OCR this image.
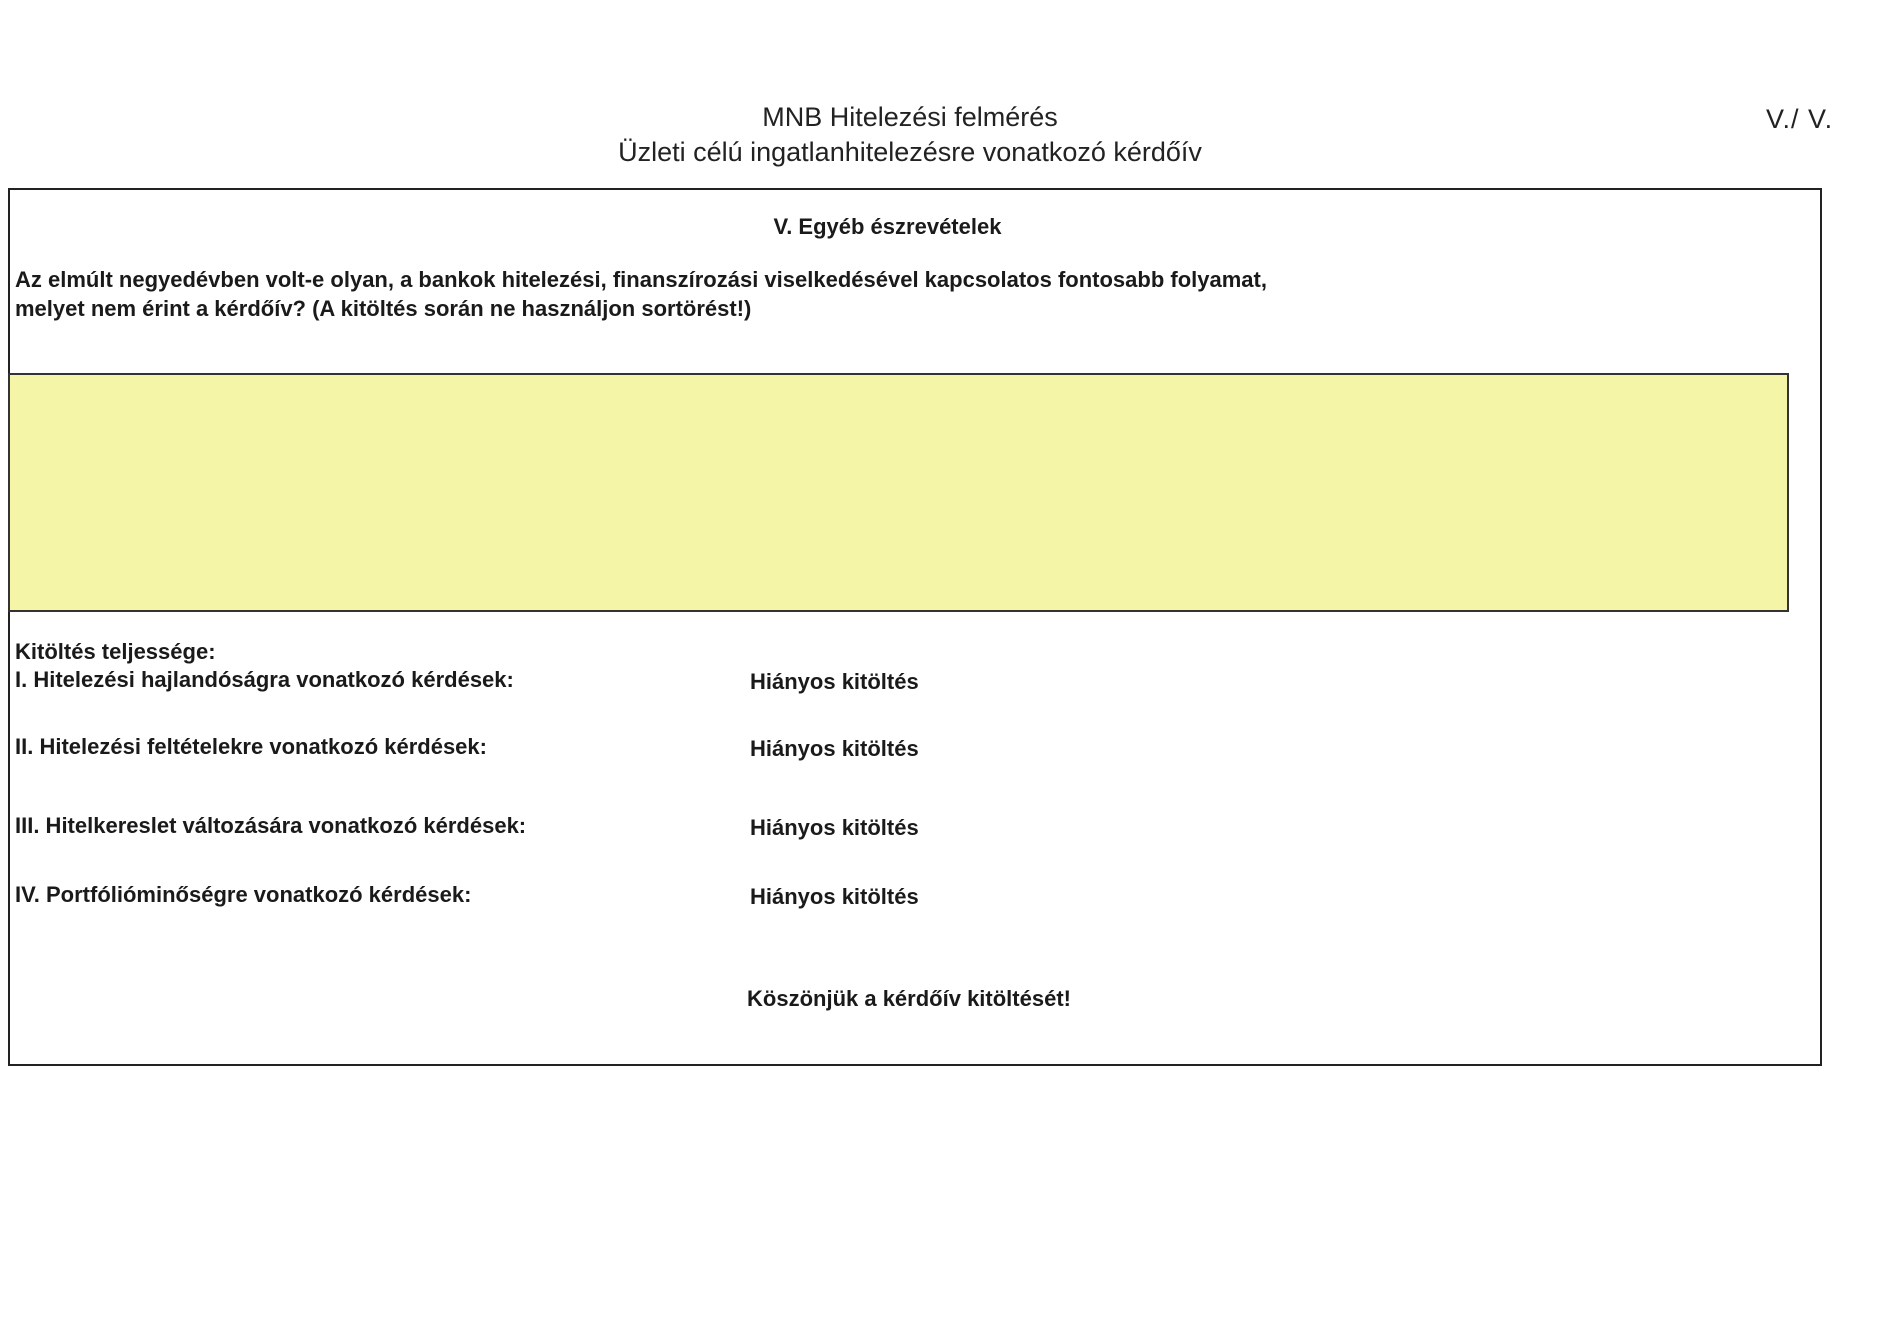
MNB Hitelezési felmérés
Üzleti célú ingatlanhitelezésre vonatkozó kérdőív
V./ V.
V. Egyéb észrevételek
Az elmúlt negyedévben volt-e olyan, a bankok hitelezési, finanszírozási viselkedésével kapcsolatos fontosabb folyamat,
melyet nem érint a kérdőív? (A kitöltés során ne használjon sortörést!)
Kitöltés teljessége:
I. Hitelezési hajlandóságra vonatkozó kérdések:	Hiányos kitöltés
II. Hitelezési feltételekre vonatkozó kérdések:	Hiányos kitöltés
III. Hitelkereslet változására vonatkozó kérdések:	Hiányos kitöltés
IV. Portfólióminőségre vonatkozó kérdések:	Hiányos kitöltés
Köszönjük a kérdőív kitöltését!
